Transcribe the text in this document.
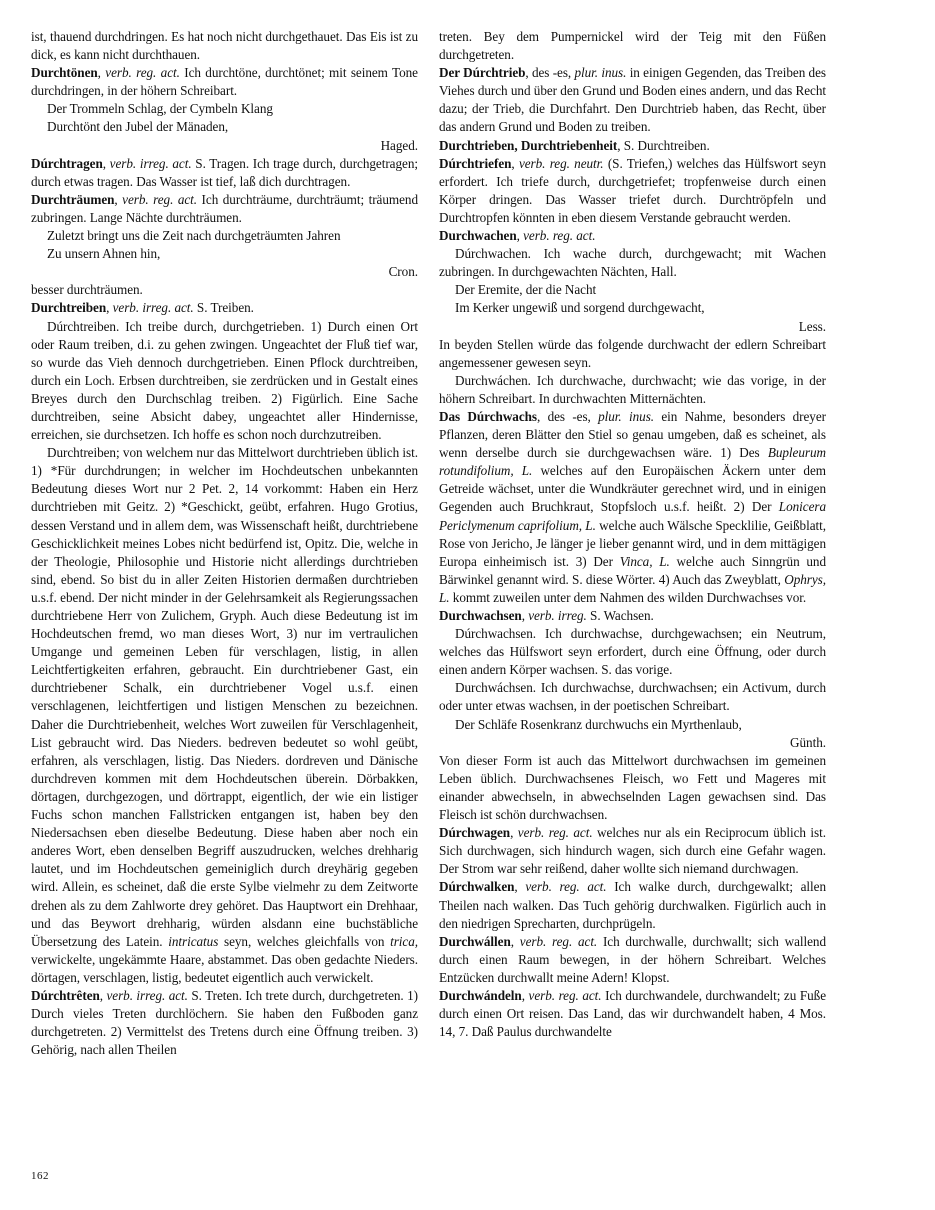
ist, thauend durchdringen. Es hat noch nicht durchgethauet. Das Eis ist zu dick, es kann nicht durchthauen.

Durchtönen, verb. reg. act. Ich durchtöne, durchtönet; mit seinem Tone durchdringen, in der höhern Schreibart.

Der Trommeln Schlag, der Cymbeln Klang

Durchtönt den Jubel der Mänaden,

Haged.

Dúrchtragen, verb. irreg. act. S. Tragen. Ich trage durch, durchgetragen; durch etwas tragen. Das Wasser ist tief, laß dich durchtragen.

Durchträumen, verb. reg. act. Ich durchträume, durchträumt; träumend zubringen. Lange Nächte durchträumen.

Zuletzt bringt uns die Zeit nach durchgeträumten Jahren

Zu unsern Ahnen hin,

Cron.

besser durchträumen.

Durchtreiben, verb. irreg. act. S. Treiben.

Dúrchtreiben. Ich treibe durch, durchgetrieben. 1) Durch einen Ort oder Raum treiben, d.i. zu gehen zwingen. Ungeachtet der Fluß tief war, so wurde das Vieh dennoch durchgetrieben. Einen Pflock durchtreiben, durch ein Loch. Erbsen durchtreiben, sie zerdrücken und in Gestalt eines Breyes durch den Durchschlag treiben. 2) Figürlich. Eine Sache durchtreiben, seine Absicht dabey, ungeachtet aller Hindernisse, erreichen, sie durchsetzen. Ich hoffe es schon noch durchzutreiben.

Durchtreiben; von welchem nur das Mittelwort durchtrieben üblich ist. 1) *Für durchdrungen; in welcher im Hochdeutschen unbekannten Bedeutung dieses Wort nur 2 Pet. 2, 14 vorkommt: Haben ein Herz durchtrieben mit Geitz. 2) *Geschickt, geübt, erfahren. Hugo Grotius, dessen Verstand und in allem dem, was Wissenschaft heißt, durchtriebene Geschicklichkeit meines Lobes nicht bedürfend ist, Opitz. Die, welche in der Theologie, Philosophie und Historie nicht allerdings durchtrieben sind, ebend. So bist du in aller Zeiten Historien dermaßen durchtrieben u.s.f. ebend. Der nicht minder in der Gelehrsamkeit als Regierungssachen durchtriebene Herr von Zulichem, Gryph. Auch diese Bedeutung ist im Hochdeutschen fremd, wo man dieses Wort, 3) nur im vertraulichen Umgange und gemeinen Leben für verschlagen, listig, in allen Leichtfertigkeiten erfahren, gebraucht. Ein durchtriebener Gast, ein durchtriebener Schalk, ein durchtriebener Vogel u.s.f. einen verschlagenen, leichtfertigen und listigen Menschen zu bezeichnen. Daher die Durchtriebenheit, welches Wort zuweilen für Verschlagenheit, List gebraucht wird. Das Nieders. bedreven bedeutet so wohl geübt, erfahren, als verschlagen, listig. Das Nieders. dordreven und Dänische durchdreven kommen mit dem Hochdeutschen überein. Dörbakken, dörtagen, durchgezogen, und dörtrappt, eigentlich, der wie ein listiger Fuchs schon manchen Fallstricken entgangen ist, haben bey den Niedersachsen eben dieselbe Bedeutung. Diese haben aber noch ein anderes Wort, eben denselben Begriff auszudrucken, welches drehharig lautet, und im Hochdeutschen gemeiniglich durch dreyhärig gegeben wird. Allein, es scheinet, daß die erste Sylbe vielmehr zu dem Zeitworte drehen als zu dem Zahlworte drey gehöret. Das Hauptwort ein Drehhaar, und das Beywort drehharig, würden alsdann eine buchstäbliche Übersetzung des Latein. intricatus seyn, welches gleichfalls von trica, verwickelte, ungekämmte Haare, abstammet. Das oben gedachte Nieders. dörtagen, verschlagen, listig, bedeutet eigentlich auch verwickelt.

Dúrchtrêten, verb. irreg. act. S. Treten. Ich trete durch, durchgetreten. 1) Durch vieles Treten durchlöchern. Sie haben den Fußboden ganz durchgetreten. 2) Vermittelst des Tretens durch eine Öffnung treiben. 3) Gehörig, nach allen Theilen

treten. Bey dem Pumpernickel wird der Teig mit den Füßen durchgetreten.

Der Dúrchtrieb, des -es, plur. inus. in einigen Gegenden, das Treiben des Viehes durch und über den Grund und Boden eines andern, und das Recht dazu; der Trieb, die Durchfahrt. Den Durchtrieb haben, das Recht, über das andern Grund und Boden zu treiben.

Durchtrieben, Durchtriebenheit, S. Durchtreiben.

Dúrchtriefen, verb. reg. neutr. (S. Triefen,) welches das Hülfswort seyn erfordert. Ich triefe durch, durchgetriefet; tropfenweise durch einen Körper dringen. Das Wasser triefet durch. Durchtröpfeln und Durchtropfen könnten in eben diesem Verstande gebraucht werden.

Durchwachen, verb. reg. act.

Dúrchwachen. Ich wache durch, durchgewacht; mit Wachen zubringen. In durchgewachten Nächten, Hall.

Der Eremite, der die Nacht

Im Kerker ungewiß und sorgend durchgewacht,

Less.

In beyden Stellen würde das folgende durchwacht der edlern Schreibart angemessener gewesen seyn.

Durchwáchen. Ich durchwache, durchwacht; wie das vorige, in der höhern Schreibart. In durchwachten Mitternächten.

Das Dúrchwachs, des -es, plur. inus. ein Nahme, besonders dreyer Pflanzen, deren Blätter den Stiel so genau umgeben, daß es scheinet, als wenn derselbe durch sie durchgewachsen wäre. 1) Des Bupleurum rotundifolium, L. welches auf den Europäischen Äckern unter dem Getreide wächset, unter die Wundkräuter gerechnet wird, und in einigen Gegenden auch Bruchkraut, Stopfsloch u.s.f. heißt. 2) Der Lonicera Periclymenum caprifolium, L. welche auch Wälsche Specklilie, Geißblatt, Rose von Jericho, Je länger je lieber genannt wird, und in dem mittägigen Europa einheimisch ist. 3) Der Vinca, L. welche auch Sinngrün und Bärwinkel genannt wird. S. diese Wörter. 4) Auch das Zweyblatt, Ophrys, L. kommt zuweilen unter dem Nahmen des wilden Durchwachses vor.

Durchwachsen, verb. irreg. S. Wachsen.

Dúrchwachsen. Ich durchwachse, durchgewachsen; ein Neutrum, welches das Hülfswort seyn erfordert, durch eine Öffnung, oder durch einen andern Körper wachsen. S. das vorige.

Durchwáchsen. Ich durchwachse, durchwachsen; ein Activum, durch oder unter etwas wachsen, in der poetischen Schreibart.

Der Schläfe Rosenkranz durchwuchs ein Myrthenlaub,

Günth.

Von dieser Form ist auch das Mittelwort durchwachsen im gemeinen Leben üblich. Durchwachsenes Fleisch, wo Fett und Mageres mit einander abwechseln, in abwechselnden Lagen gewachsen sind. Das Fleisch ist schön durchwachsen.

Dúrchwagen, verb. reg. act. welches nur als ein Reciprocum üblich ist. Sich durchwagen, sich hindurch wagen, sich durch eine Gefahr wagen. Der Strom war sehr reißend, daher wollte sich niemand durchwagen.

Dúrchwalken, verb. reg. act. Ich walke durch, durchgewalkt; allen Theilen nach walken. Das Tuch gehörig durchwalken. Figürlich auch in den niedrigen Sprecharten, durchprügeln.

Durchwállen, verb. reg. act. Ich durchwalle, durchwallt; sich wallend durch einen Raum bewegen, in der höhern Schreibart. Welches Entzücken durchwallt meine Adern! Klopst.

Durchwándeln, verb. reg. act. Ich durchwandele, durchwandelt; zu Fuße durch einen Ort reisen. Das Land, das wir durchwandelt haben, 4 Mos. 14, 7. Daß Paulus durchwandelte

162
